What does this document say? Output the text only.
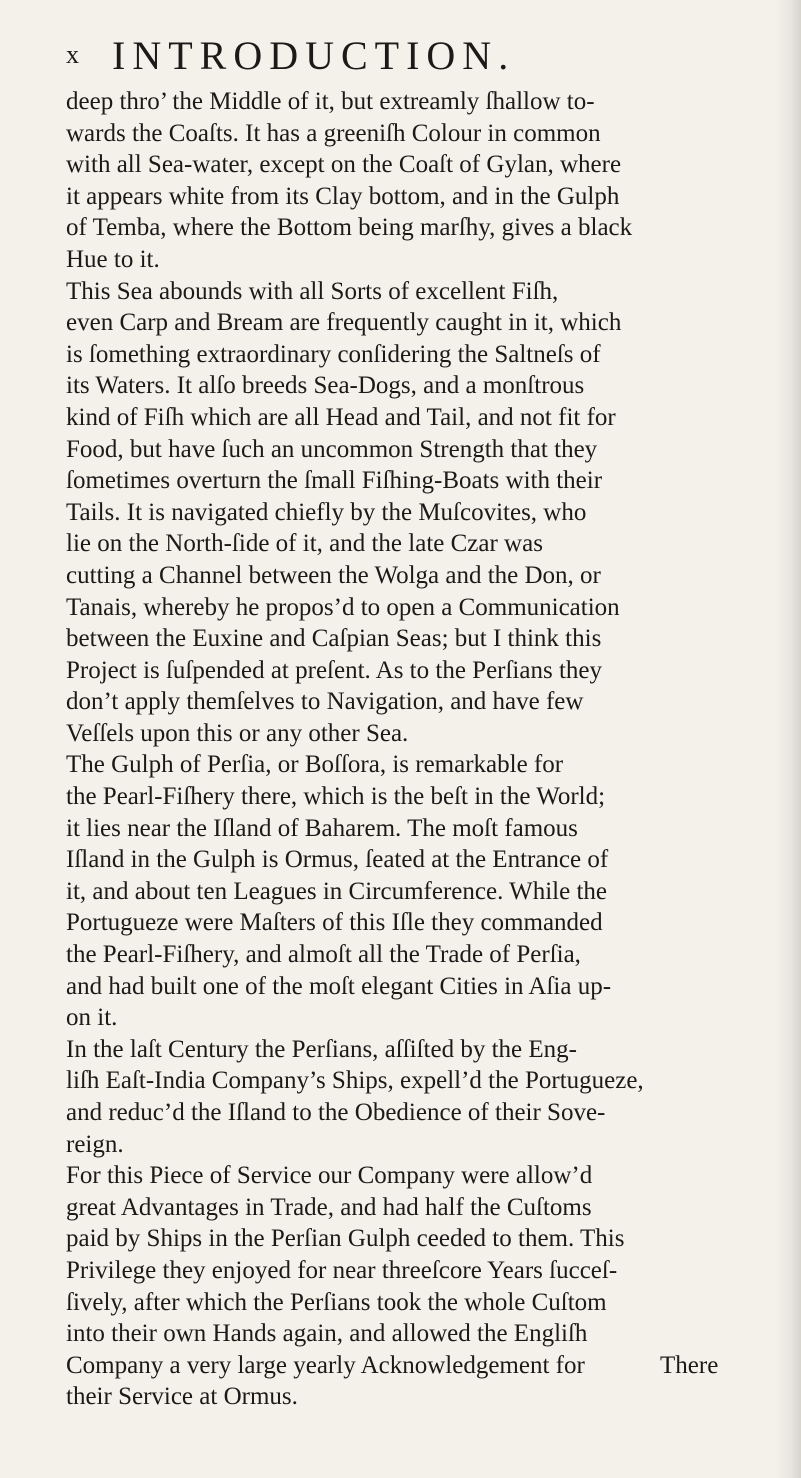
x INTRODUCTION.
deep thro’ the Middle of it, but extreamly ſhallow to-
wards the Coaſts. It has a greeniſh Colour in common
with all Sea-water, except on the Coaſt of Gylan, where
it appears white from its Clay bottom, and in the Gulph
of Temba, where the Bottom being marſhy, gives a black
Hue to it.
This Sea abounds with all Sorts of excellent Fiſh,
even Carp and Bream are frequently caught in it, which
is ſomething extraordinary conſidering the Saltneſs of
its Waters. It alſo breeds Sea-Dogs, and a monſtrous
kind of Fiſh which are all Head and Tail, and not fit for
Food, but have ſuch an uncommon Strength that they
ſometimes overturn the ſmall Fiſhing-Boats with their
Tails. It is navigated chiefly by the Muſcovites, who
lie on the North-ſide of it, and the late Czar was
cutting a Channel between the Wolga and the Don, or
Tanais, whereby he propos’d to open a Communication
between the Euxine and Caſpian Seas; but I think this
Project is ſuſpended at preſent. As to the Perſians they
don’t apply themſelves to Navigation, and have few
Veſſels upon this or any other Sea.
The Gulph of Perſia, or Boſſora, is remarkable for
the Pearl-Fiſhery there, which is the beſt in the World;
it lies near the Iſland of Baharem. The moſt famous
Iſland in the Gulph is Ormus, ſeated at the Entrance of
it, and about ten Leagues in Circumference. While the
Portugueze were Maſters of this Iſle they commanded
the Pearl-Fiſhery, and almoſt all the Trade of Perſia,
and had built one of the moſt elegant Cities in Aſia up-
on it.
In the laſt Century the Perſians, aſſiſted by the Eng-
liſh Eaſt-India Company’s Ships, expell’d the Portugueze,
and reduc’d the Iſland to the Obedience of their Sove-
reign.
For this Piece of Service our Company were allow’d
great Advantages in Trade, and had half the Cuſtoms
paid by Ships in the Perſian Gulph ceeded to them. This
Privilege they enjoyed for near threeſcore Years ſucceſ-
ſively, after which the Perſians took the whole Cuſtom
into their own Hands again, and allowed the Engliſh
Company a very large yearly Acknowledgement for
their Service at Ormus.
There
